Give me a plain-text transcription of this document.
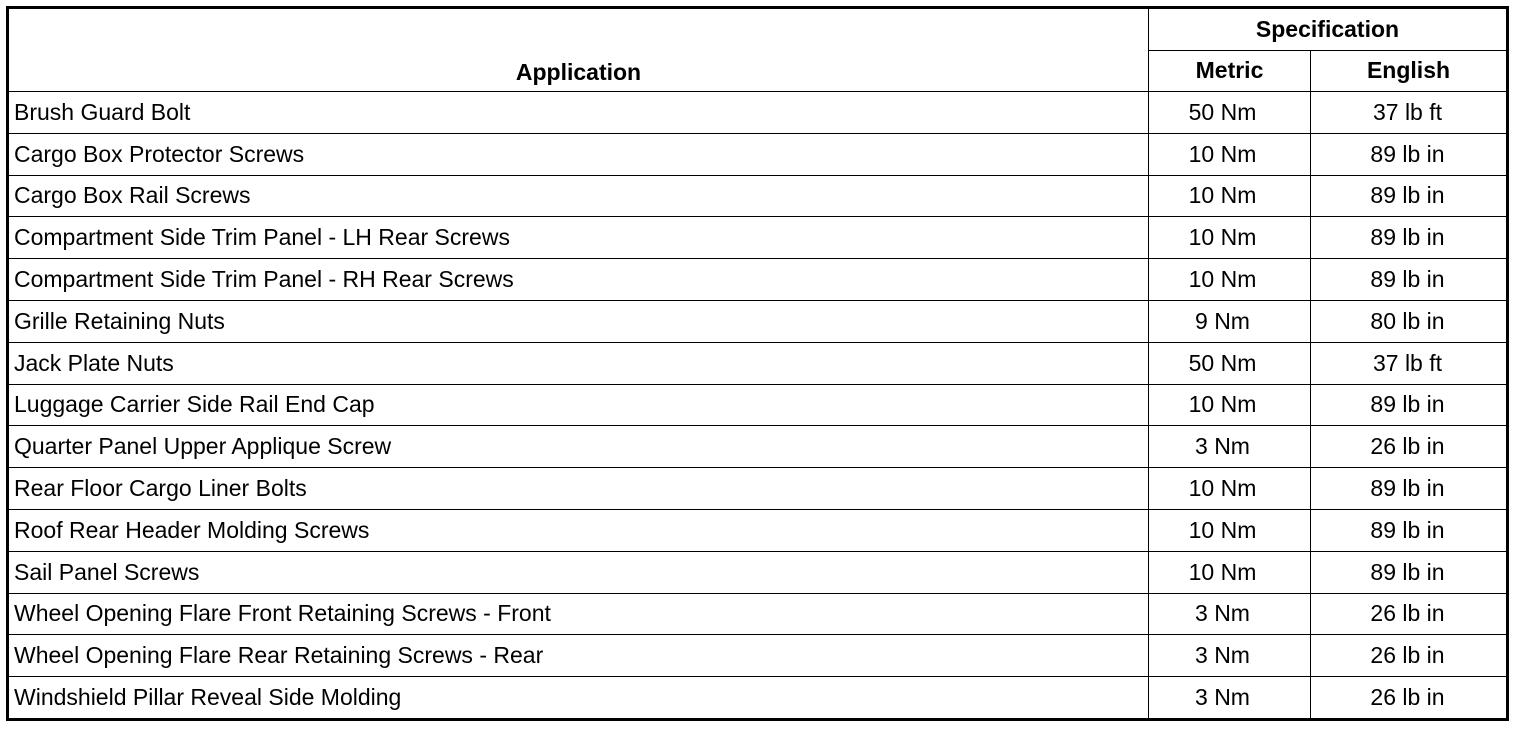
Application	Specification	
	Metric	English
Brush Guard Bolt	50 Nm	37 lb ft
Cargo Box Protector Screws	10 Nm	89 lb in
Cargo Box Rail Screws	10 Nm	89 lb in
Compartment Side Trim Panel - LH Rear Screws	10 Nm	89 lb in
Compartment Side Trim Panel - RH Rear Screws	10 Nm	89 lb in
Grille Retaining Nuts	9 Nm	80 lb in
Jack Plate Nuts	50 Nm	37 lb ft
Luggage Carrier Side Rail End Cap	10 Nm	89 lb in
Quarter Panel Upper Applique Screw	3 Nm	26 lb in
Rear Floor Cargo Liner Bolts	10 Nm	89 lb in
Roof Rear Header Molding Screws	10 Nm	89 lb in
Sail Panel Screws	10 Nm	89 lb in
Wheel Opening Flare Front Retaining Screws - Front	3 Nm	26 lb in
Wheel Opening Flare Rear Retaining Screws - Rear	3 Nm	26 lb in
Windshield Pillar Reveal Side Molding	3 Nm	26 lb in
